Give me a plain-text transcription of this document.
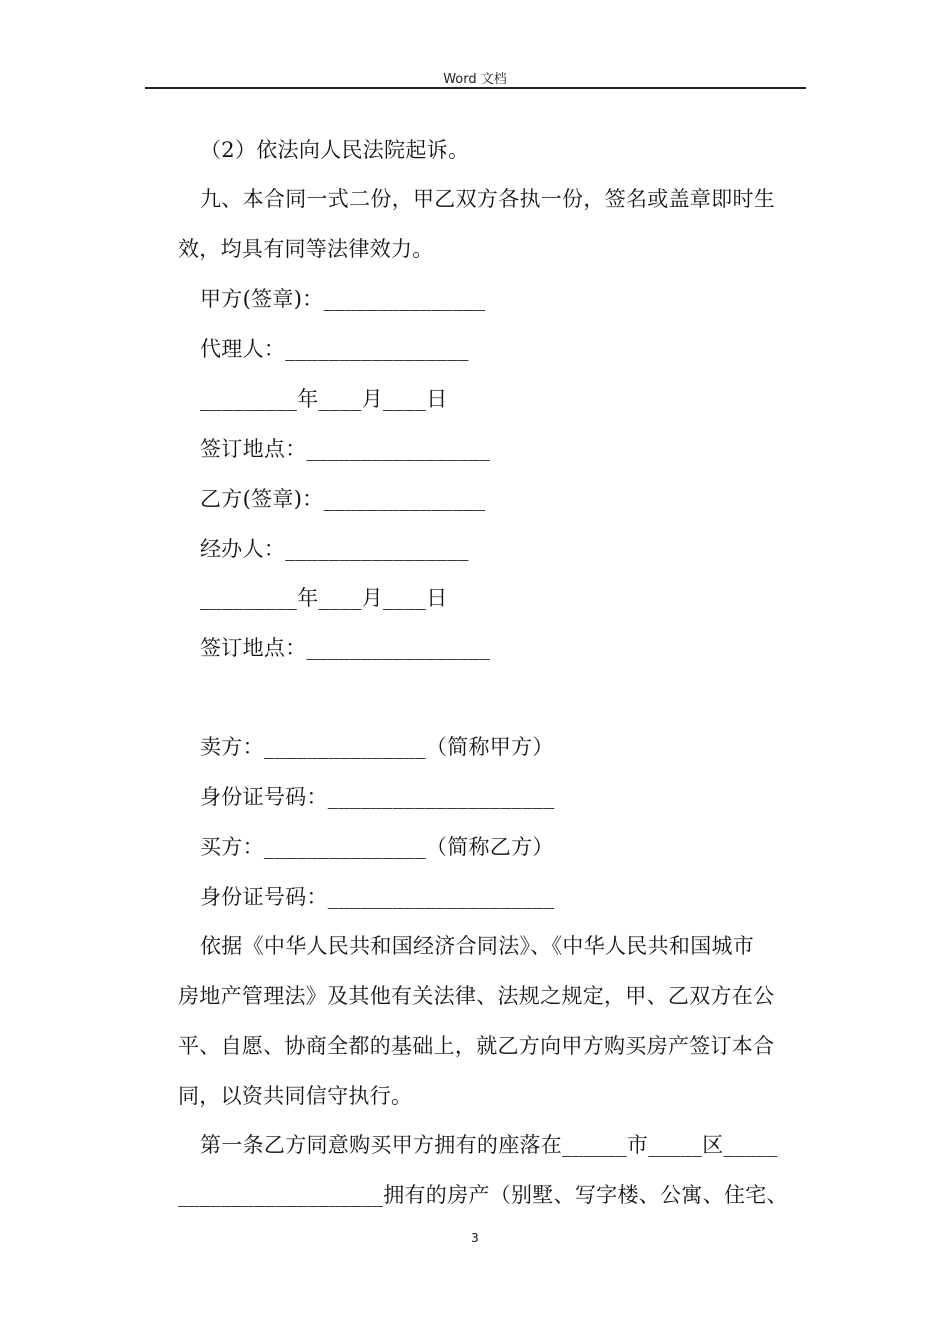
Word 文档
（2）依法向人民法院起诉。
九、本合同一式二份，甲乙双方各执一份，签名或盖章即时生
效，均具有同等法律效力。
甲方(签章)：_______________
代理人：_________________
_________年____月____日
签订地点：_________________
乙方(签章)：_______________
经办人：_________________
_________年____月____日
签订地点：_________________
卖方：_______________（简称甲方）
身份证号码：_____________________
买方：_______________（简称乙方）
身份证号码：_____________________
依据《中华人民共和国经济合同法》、《中华人民共和国城市
房地产管理法》及其他有关法律、法规之规定，甲、乙双方在公
平、自愿、协商全都的基础上，就乙方向甲方购买房产签订本合
同，以资共同信守执行。
第一条乙方同意购买甲方拥有的座落在______市_____区_____
___________________拥有的房产（别墅、写字楼、公寓、住宅、
3
